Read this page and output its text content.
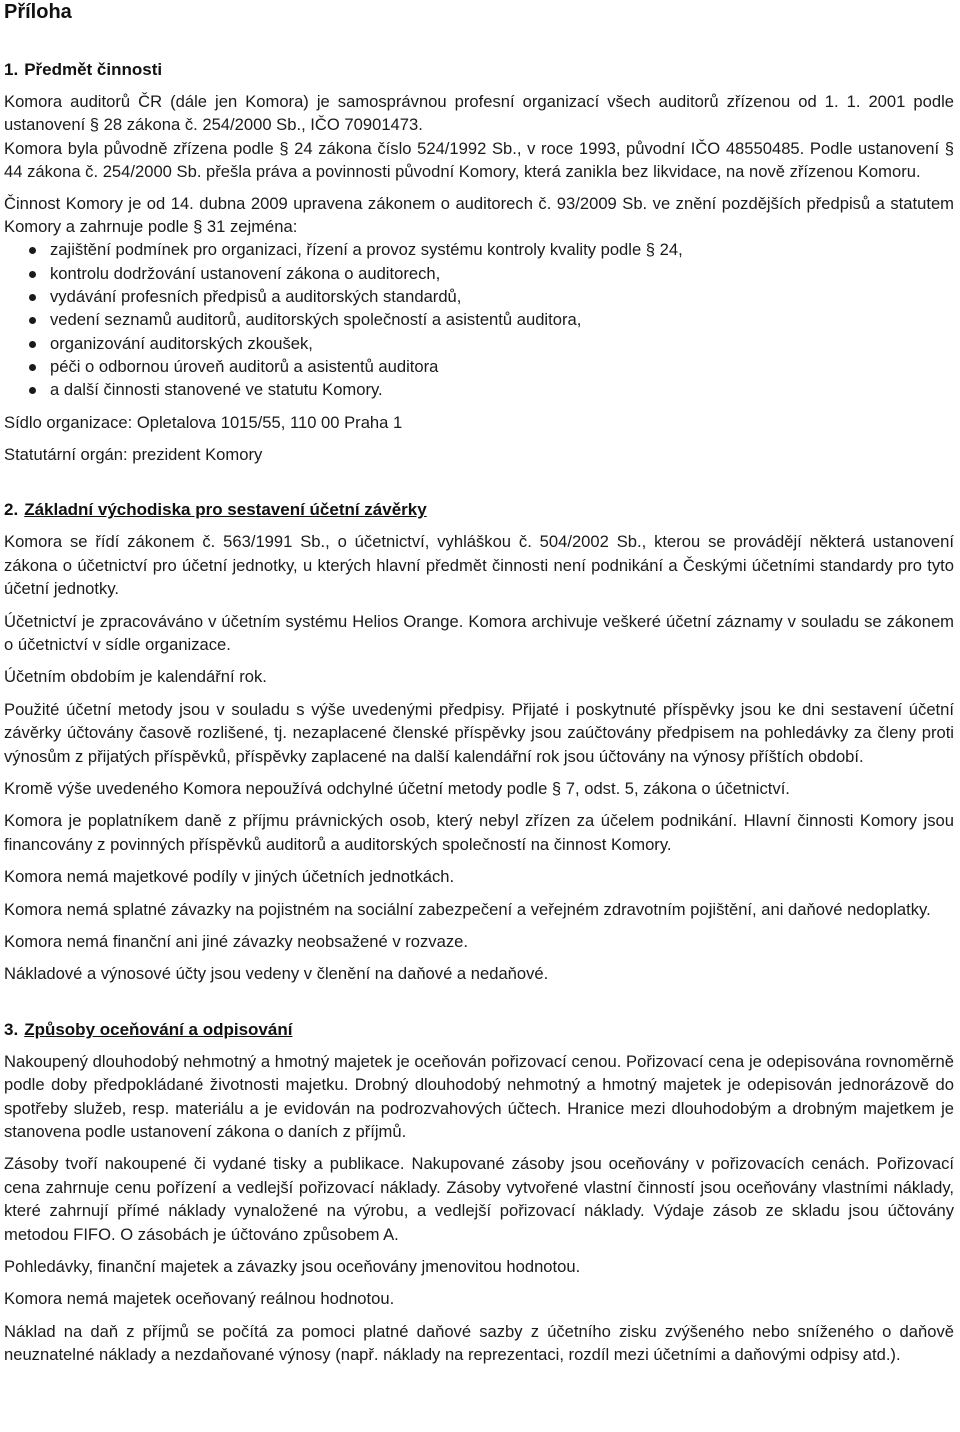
Příloha
1. Předmět činnosti

Komora auditorů ČR (dále jen Komora) je samosprávnou profesní organizací všech auditorů zřízenou od 1. 1. 2001 podle ustanovení § 28 zákona č. 254/2000 Sb., IČO 70901473.

Komora byla původně zřízena podle § 24 zákona číslo 524/1992 Sb., v roce 1993, původní IČO 48550485. Podle ustanovení § 44 zákona č. 254/2000 Sb. přešla práva a povinnosti původní Komory, která zanikla bez likvidace, na nově zřízenou Komoru.

Činnost Komory je od 14. dubna 2009 upravena zákonem o auditorech č. 93/2009 Sb. ve znění pozdějších předpisů a statutem Komory a zahrnuje podle § 31 zejména:

zajištění podmínek pro organizaci, řízení a provoz systému kontroly kvality podle § 24,
kontrolu dodržování ustanovení zákona o auditorech,
vydávání profesních předpisů a auditorských standardů,
vedení seznamů auditorů, auditorských společností a asistentů auditora,
organizování auditorských zkoušek,
péči o odbornou úroveň auditorů a asistentů auditora
a další činnosti stanovené ve statutu Komory.

Sídlo organizace: Opletalova 1015/55, 110 00 Praha 1

Statutární orgán: prezident Komory

2. Základní východiska pro sestavení účetní závěrky

Komora se řídí zákonem č. 563/1991 Sb., o účetnictví, vyhláškou č. 504/2002 Sb., kterou se provádějí některá ustanovení zákona o účetnictví pro účetní jednotky, u kterých hlavní předmět činnosti není podnikání a Českými účetními standardy pro tyto účetní jednotky.

Účetnictví je zpracováváno v účetním systému Helios Orange. Komora archivuje veškeré účetní záznamy v souladu se zákonem o účetnictví v sídle organizace.

Účetním obdobím je kalendářní rok.

Použité účetní metody jsou v souladu s výše uvedenými předpisy. Přijaté i poskytnuté příspěvky jsou ke dni sestavení účetní závěrky účtovány časově rozlišené, tj. nezaplacené členské příspěvky jsou zaúčtovány předpisem na pohledávky za členy proti výnosům z přijatých příspěvků, příspěvky zaplacené na další kalendářní rok jsou účtovány na výnosy příštích období.

Kromě výše uvedeného Komora nepoužívá odchylné účetní metody podle § 7, odst. 5, zákona o účetnictví.

Komora je poplatníkem daně z příjmu právnických osob, který nebyl zřízen za účelem podnikání. Hlavní činnosti Komory jsou financovány z povinných příspěvků auditorů a auditorských společností na činnost Komory.

Komora nemá majetkové podíly v jiných účetních jednotkách.

Komora nemá splatné závazky na pojistném na sociální zabezpečení a veřejném zdravotním pojištění, ani daňové nedoplatky.

Komora nemá finanční ani jiné závazky neobsažené v rozvaze.

Nákladové a výnosové účty jsou vedeny v členění na daňové a nedaňové.

3. Způsoby oceňování a odpisování

Nakoupený dlouhodobý nehmotný a hmotný majetek je oceňován pořizovací cenou. Pořizovací cena je odepisována rovnoměrně podle doby předpokládané životnosti majetku. Drobný dlouhodobý nehmotný a hmotný majetek je odepisován jednorázově do spotřeby služeb, resp. materiálu a je evidován na podrozvahových účtech. Hranice mezi dlouhodobým a drobným majetkem je stanovena podle ustanovení zákona o daních z příjmů.

Zásoby tvoří nakoupené či vydané tisky a publikace. Nakupované zásoby jsou oceňovány v pořizovacích cenách. Pořizovací cena zahrnuje cenu pořízení a vedlejší pořizovací náklady. Zásoby vytvořené vlastní činností jsou oceňovány vlastními náklady, které zahrnují přímé náklady vynaložené na výrobu, a vedlejší pořizovací náklady. Výdaje zásob ze skladu jsou účtovány metodou FIFO. O zásobách je účtováno způsobem A.

Pohledávky, finanční majetek a závazky jsou oceňovány jmenovitou hodnotou.

Komora nemá majetek oceňovaný reálnou hodnotou.

Náklad na daň z příjmů se počítá za pomoci platné daňové sazby z účetního zisku zvýšeného nebo sníženého o daňově neuznatelné náklady a nezdaňované výnosy (např. náklady na reprezentaci, rozdíl mezi účetními a daňovými odpisy atd.).
